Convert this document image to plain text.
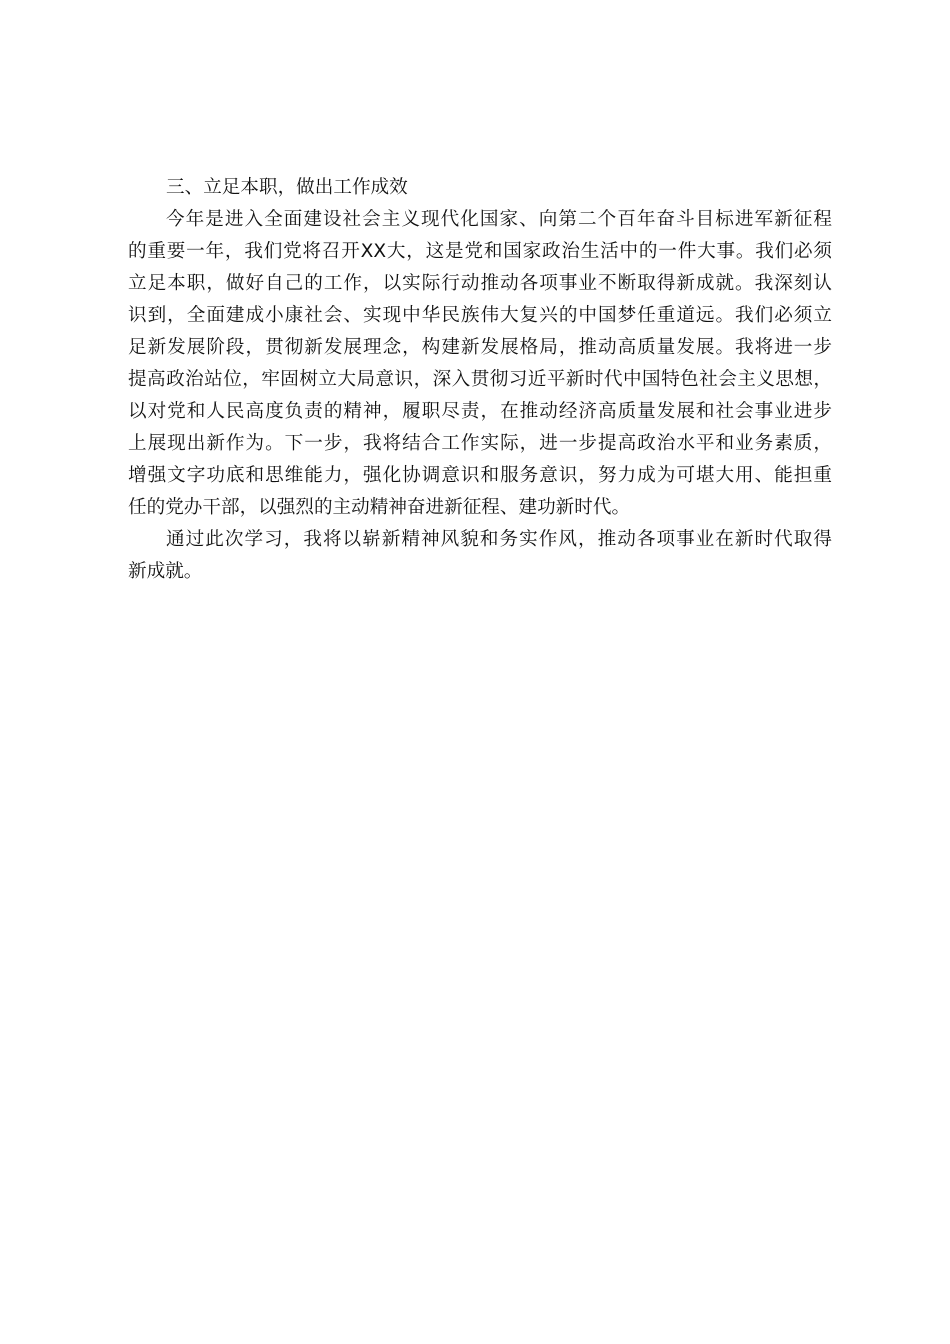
三、立足本职，做出工作成效
今年是进入全面建设社会主义现代化国家、向第二个百年奋斗目标进军新征程
的重要一年，我们党将召开XX大，这是党和国家政治生活中的一件大事。我们必须
立足本职，做好自己的工作，以实际行动推动各项事业不断取得新成就。我深刻认
识到，全面建成小康社会、实现中华民族伟大复兴的中国梦任重道远。我们必须立
足新发展阶段，贯彻新发展理念，构建新发展格局，推动高质量发展。我将进一步
提高政治站位，牢固树立大局意识，深入贯彻习近平新时代中国特色社会主义思想，
以对党和人民高度负责的精神，履职尽责，在推动经济高质量发展和社会事业进步
上展现出新作为。下一步，我将结合工作实际，进一步提高政治水平和业务素质，
增强文字功底和思维能力，强化协调意识和服务意识，努力成为可堪大用、能担重
任的党办干部，以强烈的主动精神奋进新征程、建功新时代。
通过此次学习，我将以崭新精神风貌和务实作风，推动各项事业在新时代取得
新成就。
